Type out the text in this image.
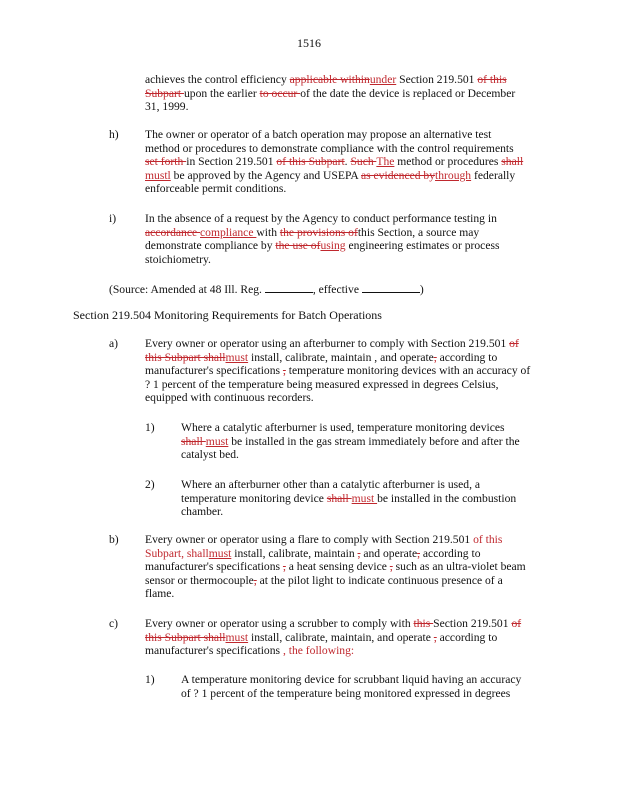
1516
achieves the control efficiency applicable withinunder Section 219.501 of this
Subpart upon the earlier to occur of the date the device is replaced or December
31, 1999.
h) The owner or operator of a batch operation may propose an alternative test
method or procedures to demonstrate compliance with the control requirements
set forth in Section 219.501 of this Subpart. Such The method or procedures shall
mustl be approved by the Agency and USEPA as evidenced bythrough federally
enforceable permit conditions.
i) In the absence of a request by the Agency to conduct performance testing in
accordance compliance with the provisions ofthis Section, a source may
demonstrate compliance by the use ofusing engineering estimates or process
stoichiometry.
(Source: Amended at 48 Ill. Reg.	, effective	)
Section 219.504 Monitoring Requirements for Batch Operations
a) Every owner or operator using an afterburner to comply with Section 219.501 of
this Subpart shallmust install, calibrate, maintain , and operate, according to
manufacturer's specifications , temperature monitoring devices with an accuracy of
? 1 percent of the temperature being measured expressed in degrees Celsius,
equipped with continuous recorders.
1) Where a catalytic afterburner is used, temperature monitoring devices
shall must be installed in the gas stream immediately before and after the
catalyst bed.
2) Where an afterburner other than a catalytic afterburner is used, a
temperature monitoring device shall must be installed in the combustion
chamber.
b) Every owner or operator using a flare to comply with Section 219.501 of this
Subpart, shallmust install, calibrate, maintain , and operate, according to
manufacturer's specifications , a heat sensing device , such as an ultra-violet beam
sensor or thermocouple, at the pilot light to indicate continuous presence of a
flame.
c) Every owner or operator using a scrubber to comply with this Section 219.501 of
this Subpart shallmust install, calibrate, maintain, and operate , according to
manufacturer's specifications , the following:
1) A temperature monitoring device for scrubbant liquid having an accuracy
of ? 1 percent of the temperature being monitored expressed in degrees
